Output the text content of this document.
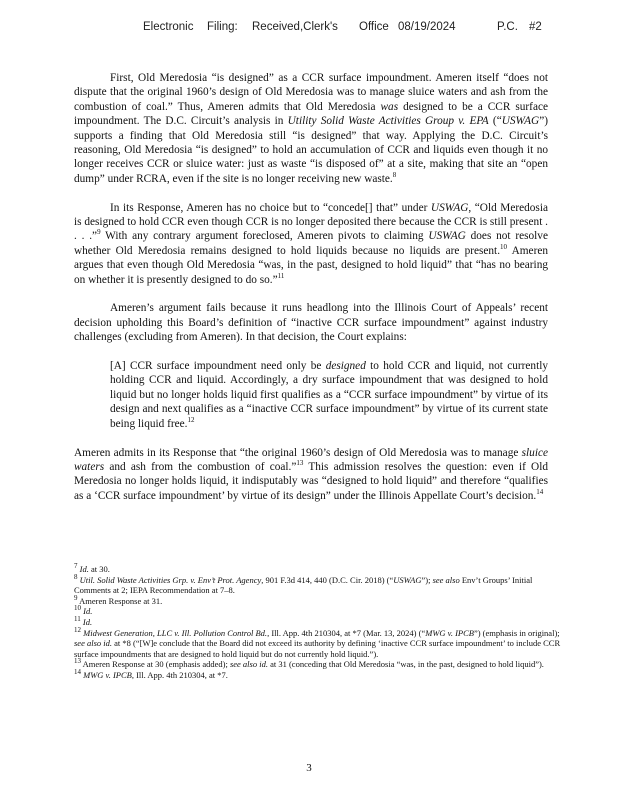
Electronic Filing: Received,Clerk's Office 08/19/2024	P.C. #2

First, Old Meredosia “is designed” as a CCR surface impoundment. Ameren itself “does not dispute that the original 1960’s design of Old Meredosia was to manage sluice waters and ash from the combustion of coal.” Thus, Ameren admits that Old Meredosia was designed to be a CCR surface impoundment. The D.C. Circuit’s analysis in Utility Solid Waste Activities Group v. EPA (“USWAG”) supports a finding that Old Meredosia still “is designed” that way. Applying the D.C. Circuit’s reasoning, Old Meredosia “is designed” to hold an accumulation of CCR and liquids even though it no longer receives CCR or sluice water: just as waste “is disposed of” at a site, making that site an “open dump” under RCRA, even if the site is no longer receiving new waste.$^8$

In its Response, Ameren has no choice but to “concede[] that” under USWAG, “Old Meredosia is designed to hold CCR even though CCR is no longer deposited there because the CCR is still present . . . .”$^9$ With any contrary argument foreclosed, Ameren pivots to claiming USWAG does not resolve whether Old Meredosia remains designed to hold liquids because no liquids are present.$^{10}$ Ameren argues that even though Old Meredosia “was, in the past, designed to hold liquid” that “has no bearing on whether it is presently designed to do so.”$^{11}$

Ameren’s argument fails because it runs headlong into the Illinois Court of Appeals’ recent decision upholding this Board’s definition of “inactive CCR surface impoundment” against industry challenges (excluding from Ameren). In that decision, the Court explains:

[A] CCR surface impoundment need only be designed to hold CCR and liquid, not currently holding CCR and liquid. Accordingly, a dry surface impoundment that was designed to hold liquid but no longer holds liquid first qualifies as a “CCR surface impoundment” by virtue of its design and next qualifies as a “inactive CCR surface impoundment” by virtue of its current state being liquid free.$^{12}$

Ameren admits in its Response that “the original 1960’s design of Old Meredosia was to manage sluice waters and ash from the combustion of coal.”$^{13}$ This admission resolves the question: even if Old Meredosia no longer holds liquid, it indisputably was “designed to hold liquid” and therefore “qualifies as a ‘CCR surface impoundment’ by virtue of its design” under the Illinois Appellate Court’s decision.$^{14}$

$^7$ Id. at 30.

$^8$ Util. Solid Waste Activities Grp. v. Env’t Prot. Agency, 901 F.3d 414, 440 (D.C. Cir. 2018) (“USWAG”); see also Env’t Groups’ Initial Comments at 2; IEPA Recommendation at 7–8.

$^9$ Ameren Response at 31.

$^{10}$ Id.

$^{11}$ Id.

$^{12}$ Midwest Generation, LLC v. Ill. Pollution Control Bd., Ill. App. 4th 210304, at *7 (Mar. 13, 2024) (“MWG v. IPCB”) (emphasis in original); see also id. at *8 (“[W]e conclude that the Board did not exceed its authority by defining ‘inactive CCR surface impoundment’ to include CCR surface impoundments that are designed to hold liquid but do not currently hold liquid.”).

$^{13}$ Ameren Response at 30 (emphasis added); see also id. at 31 (conceding that Old Meredosia “was, in the past, designed to hold liquid”).

$^{14}$ MWG v. IPCB, Ill. App. 4th 210304, at *7.

3
